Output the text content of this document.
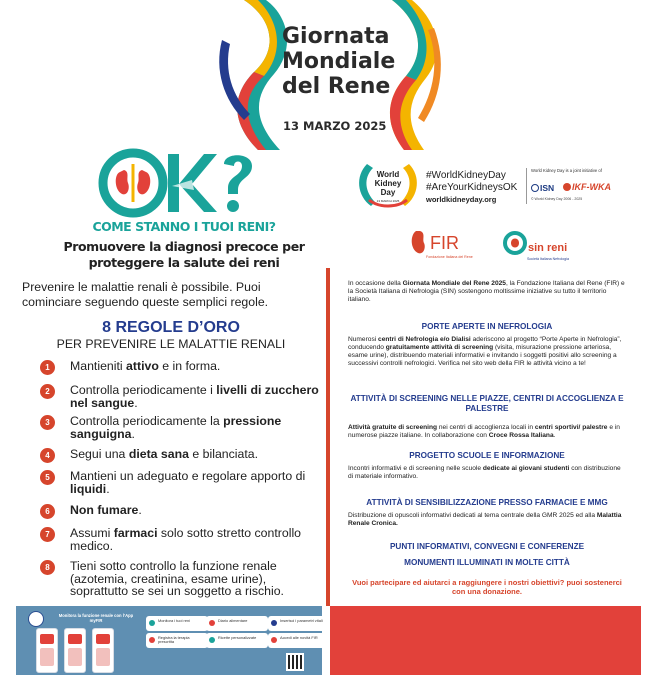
Giornata
Mondiale
del Rene
13 MARZO 2025
COME STANNO I TUOI RENI?
Promuovere la diagnosi precoce per proteggere la salute dei reni
Prevenire le malattie renali è possibile. Puoi cominciare seguendo queste semplici regole.
8 REGOLE D’ORO
PER PREVENIRE LE MALATTIE RENALI
1	Mantieniti attivo e in forma.
2	Controlla periodicamente i livelli di zucchero nel sangue.
3	Controlla periodicamente la pressione sanguigna.
4	Segui una dieta sana e bilanciata.
5	Mantieni un adeguato e regolare apporto di liquidi.
6	Non fumare.
7	Assumi farmaci solo sotto stretto controllo medico.
8	Tieni sotto controllo la funzione renale (azotemia, creatinina, esame urine), soprattutto se sei un soggetto a rischio.
World
Kidney
Day
13 MARCH 2025
#WorldKidneyDay
#AreYourKidneysOK
worldkidneyday.org
World Kidney Day is a joint initiative of
ISN	IKF-WKA
© World Kidney Day 2006 - 2025
FIR
Fondazione Italiana del Rene
sin reni
Società Italiana Nefrologia
In occasione della Giornata Mondiale del Rene 2025, la Fondazione Italiana del Rene (FIR) e la Società Italiana di Nefrologia (SIN) sostengono moltissime iniziative su tutto il territorio italiano.
PORTE APERTE IN NEFROLOGIA
Numerosi centri di Nefrologia e/o Dialisi aderiscono al progetto “Porte Aperte in Nefrologia”, conducendo gratuitamente attività di screening (visita, misurazione pressione arteriosa, esame urine), distribuendo materiali informativi e invitando i soggetti positivi allo screening a successivi controlli nefrologici. Verifica nel sito web della FIR le attività vicino a te!
ATTIVITÀ DI SCREENING NELLE PIAZZE, CENTRI DI ACCOGLIENZA E PALESTRE
Attività gratuite di screening nei centri di accoglienza locali in centri sportivi/ palestre e in numerose piazze italiane. In collaborazione con Croce Rossa Italiana.
PROGETTO SCUOLE E INFORMAZIONE
Incontri informativi e di screening nelle scuole dedicate ai giovani studenti con distribuzione di materiale informativo.
ATTIVITÀ DI SENSIBILIZZAZIONE PRESSO FARMACIE E MMG
Distribuzione di opuscoli informativi dedicati al tema centrale della GMR 2025 ed alla Malattia Renale Cronica.
PUNTI INFORMATIVI, CONVEGNI E CONFERENZE
MONUMENTI ILLUMINATI IN MOLTE CITTÀ
Vuoi partecipare ed aiutarci a raggiungere i nostri obiettivi? puoi sostenerci con una donazione.
Monitora la funzione renale con l’App myFIR	Monitora i tuoi reni	Diario alimentare	Inserisci i parametri vitali
Registra la terapia prescritta
Ricette personalizzate	Accedi alle novità FIR
